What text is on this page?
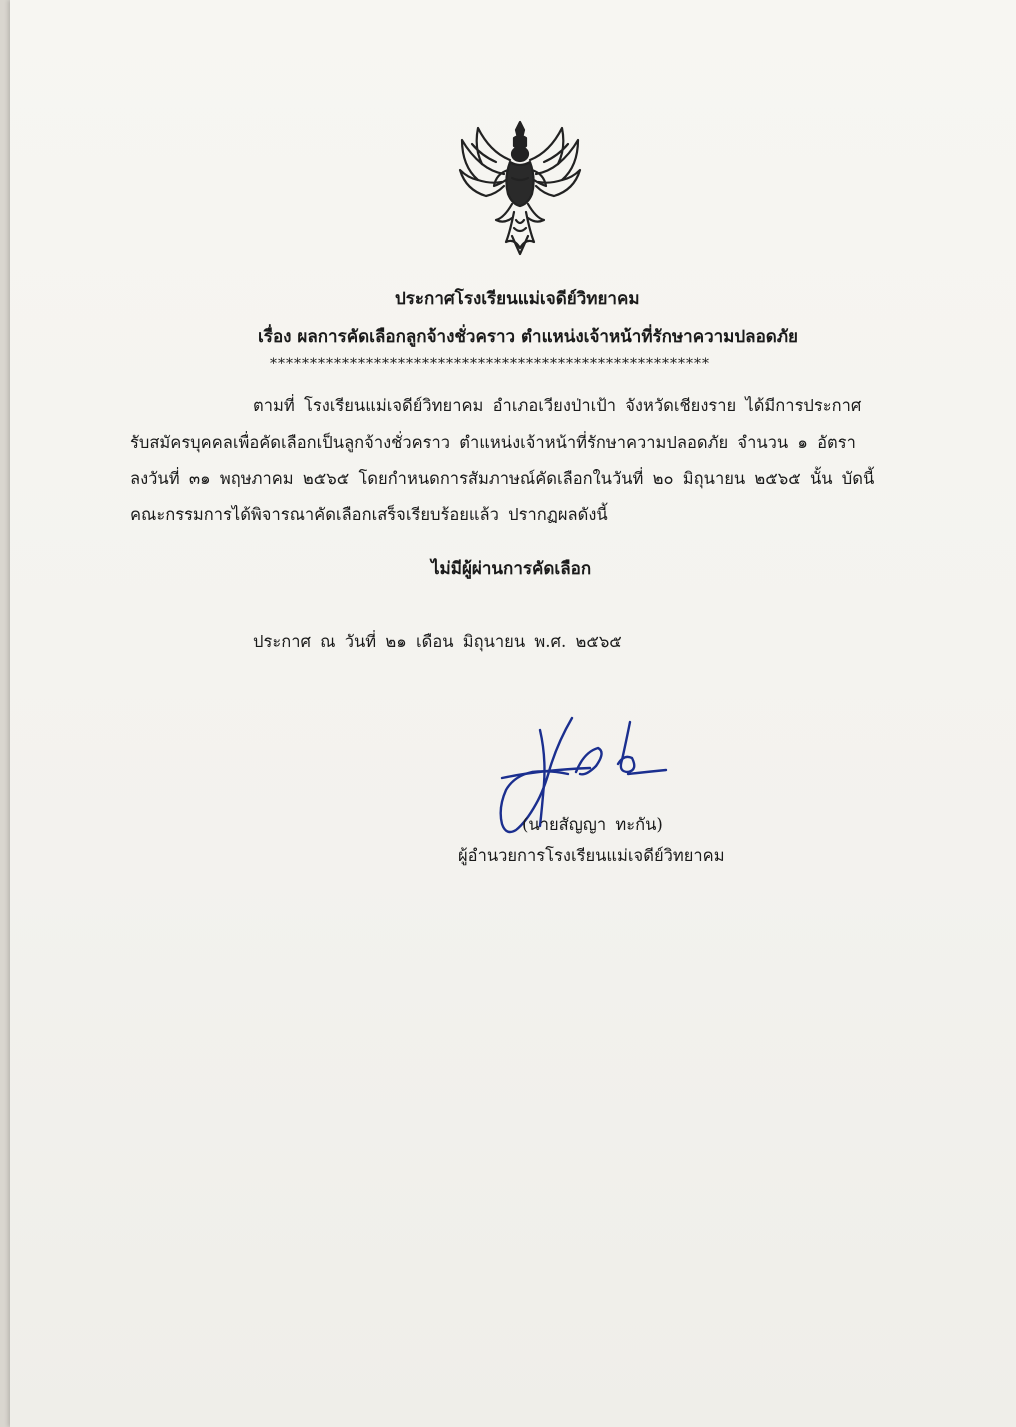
ประกาศโรงเรียนแม่เจดีย์วิทยาคม
เรื่อง ผลการคัดเลือกลูกจ้างชั่วคราว ตำแหน่งเจ้าหน้าที่รักษาความปลอดภัย
*******************************************************
ตามที่ โรงเรียนแม่เจดีย์วิทยาคม อำเภอเวียงป่าเป้า จังหวัดเชียงราย ได้มีการประกาศ
รับสมัครบุคคลเพื่อคัดเลือกเป็นลูกจ้างชั่วคราว ตำแหน่งเจ้าหน้าที่รักษาความปลอดภัย จำนวน ๑ อัตรา
ลงวันที่ ๓๑ พฤษภาคม ๒๕๖๕ โดยกำหนดการสัมภาษณ์คัดเลือกในวันที่ ๒๐ มิถุนายน ๒๕๖๕ นั้น บัดนี้
คณะกรรมการได้พิจารณาคัดเลือกเสร็จเรียบร้อยแล้ว ปรากฏผลดังนี้
ไม่มีผู้ผ่านการคัดเลือก
ประกาศ ณ วันที่ ๒๑ เดือน มิถุนายน พ.ศ. ๒๕๖๕
(นายสัญญา ทะกัน)
ผู้อำนวยการโรงเรียนแม่เจดีย์วิทยาคม
